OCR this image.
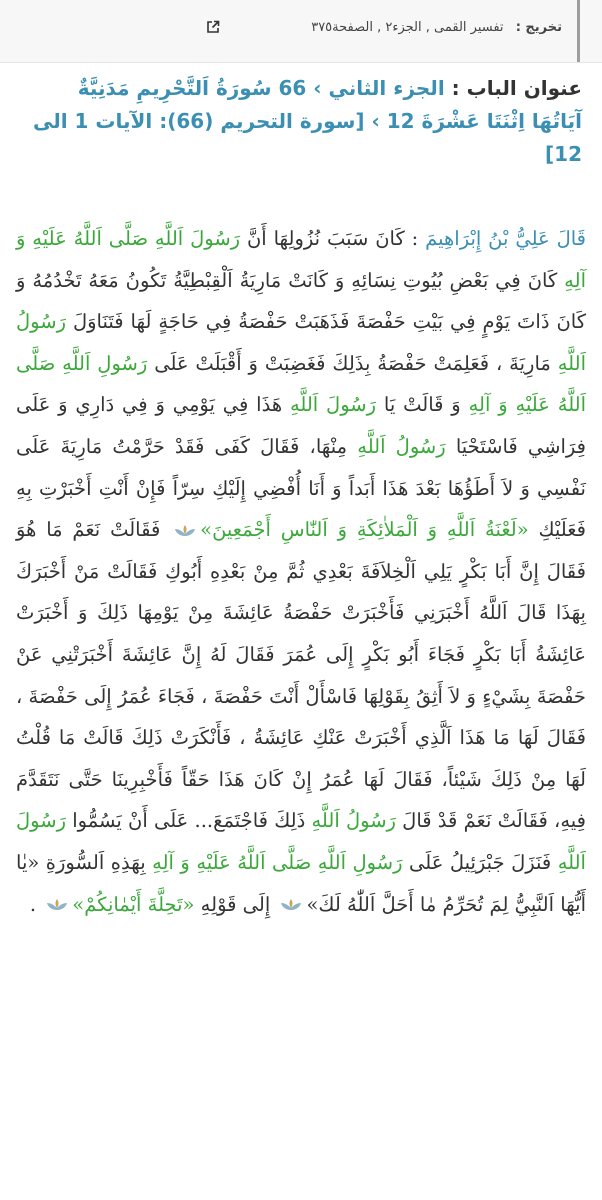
تخريج : تفسير القمی , الجزء٢ , الصفحة٣٧٥
عنوان الباب : الجزء الثاني › 66 سُورَةُ اَلتَّحْرِيمِ مَدَنِيَّةٌ آيَاتُهَا اِثْنَتَا عَشْرَةَ 12 › [سورة التحريم (66): الآيات 1 الى 12]
قَالَ عَلِيُّ بْنُ إِبْرَاهِيمَ : كَانَ سَبَبَ نُزُولِهَا أَنَّ رَسُولَ اَللَّهِ صَلَّى اَللَّهُ عَلَيْهِ وَ آلِهِ كَانَ فِي بَعْضِ بُيُوتِ نِسَائِهِ وَ كَانَتْ مَارِيَةُ اَلْقِبْطِيَّةُ تَكُونُ مَعَهُ تَخْدُمُهُ وَ كَانَ ذَاتَ يَوْمٍ فِي بَيْتِ حَفْصَةَ فَذَهَبَتْ حَفْصَةُ فِي حَاجَةٍ لَهَا فَتَنَاوَلَ رَسُولُ اَللَّهِ مَارِيَةَ ، فَعَلِمَتْ حَفْصَةُ بِذَلِكَ فَغَضِبَتْ وَ أَقْبَلَتْ عَلَى رَسُولِ اَللَّهِ صَلَّى اَللَّهُ عَلَيْهِ وَ آلِهِ وَ قَالَتْ يَا رَسُولَ اَللَّهِ هَذَا فِي يَوْمِي وَ فِي دَارِي وَ عَلَى فِرَاشِي فَاسْتَحْيَا رَسُولُ اَللَّهِ مِنْهَا، فَقَالَ كَفَى فَقَدْ حَرَّمْتُ مَارِيَةَ عَلَى نَفْسِي وَ لاَ أَطَؤُهَا بَعْدَ هَذَا أَبَداً وَ أَنَا أُفْضِي إِلَيْكِ سِرّاً فَإِنْ أَنْتِ أَخْبَرْتِ بِهِ فَعَلَيْكِ «لَعْنَةُ اَللَّهِ وَ اَلْمَلاٰئِكَةِ وَ اَلنّٰاسِ أَجْمَعِينَ» فَقَالَتْ نَعَمْ مَا هُوَ فَقَالَ إِنَّ أَبَا بَكْرٍ يَلِي اَلْخِلاَفَةَ بَعْدِي ثُمَّ مِنْ بَعْدِهِ أَبُوكِ فَقَالَتْ مَنْ أَخْبَرَكَ بِهَذَا قَالَ اَللَّهُ أَخْبَرَنِي فَأَخْبَرَتْ حَفْصَةُ عَائِشَةَ مِنْ يَوْمِهَا ذَلِكَ وَ أَخْبَرَتْ عَائِشَةُ أَبَا بَكْرٍ فَجَاءَ أَبُو بَكْرٍ إِلَى عُمَرَ فَقَالَ لَهُ إِنَّ عَائِشَةَ أَخْبَرَتْنِي عَنْ حَفْصَةَ بِشَيْءٍ وَ لاَ أَثِقُ بِقَوْلِهَا فَاسْأَلْ أَنْتَ حَفْصَةَ ، فَجَاءَ عُمَرُ إِلَى حَفْصَةَ ، فَقَالَ لَهَا مَا هَذَا اَلَّذِي أَخْبَرَتْ عَنْكِ عَائِشَةُ ، فَأَنْكَرَتْ ذَلِكَ قَالَتْ مَا قُلْتُ لَهَا مِنْ ذَلِكَ شَيْئاً، فَقَالَ لَهَا عُمَرُ إِنْ كَانَ هَذَا حَقّاً فَأَخْبِرِينَا حَتَّى نَتَقَدَّمَ فِيهِ، فَقَالَتْ نَعَمْ قَدْ قَالَ رَسُولُ اَللَّهِ ذَلِكَ فَاجْتَمَعَ... عَلَى أَنْ يَسُمُّوا رَسُولَ اَللَّهِ فَنَزَلَ جَبْرَئِيلُ عَلَى رَسُولِ اَللَّهِ صَلَّى اَللَّهُ عَلَيْهِ وَ آلِهِ بِهَذِهِ اَلسُّورَةِ «يٰا أَيُّهَا اَلنَّبِيُّ لِمَ تُحَرِّمُ مٰا أَحَلَّ اَللّٰهُ لَكَ» إِلَى قَوْلِهِ «تَحِلَّةَ أَيْمٰانِكُمْ» .
